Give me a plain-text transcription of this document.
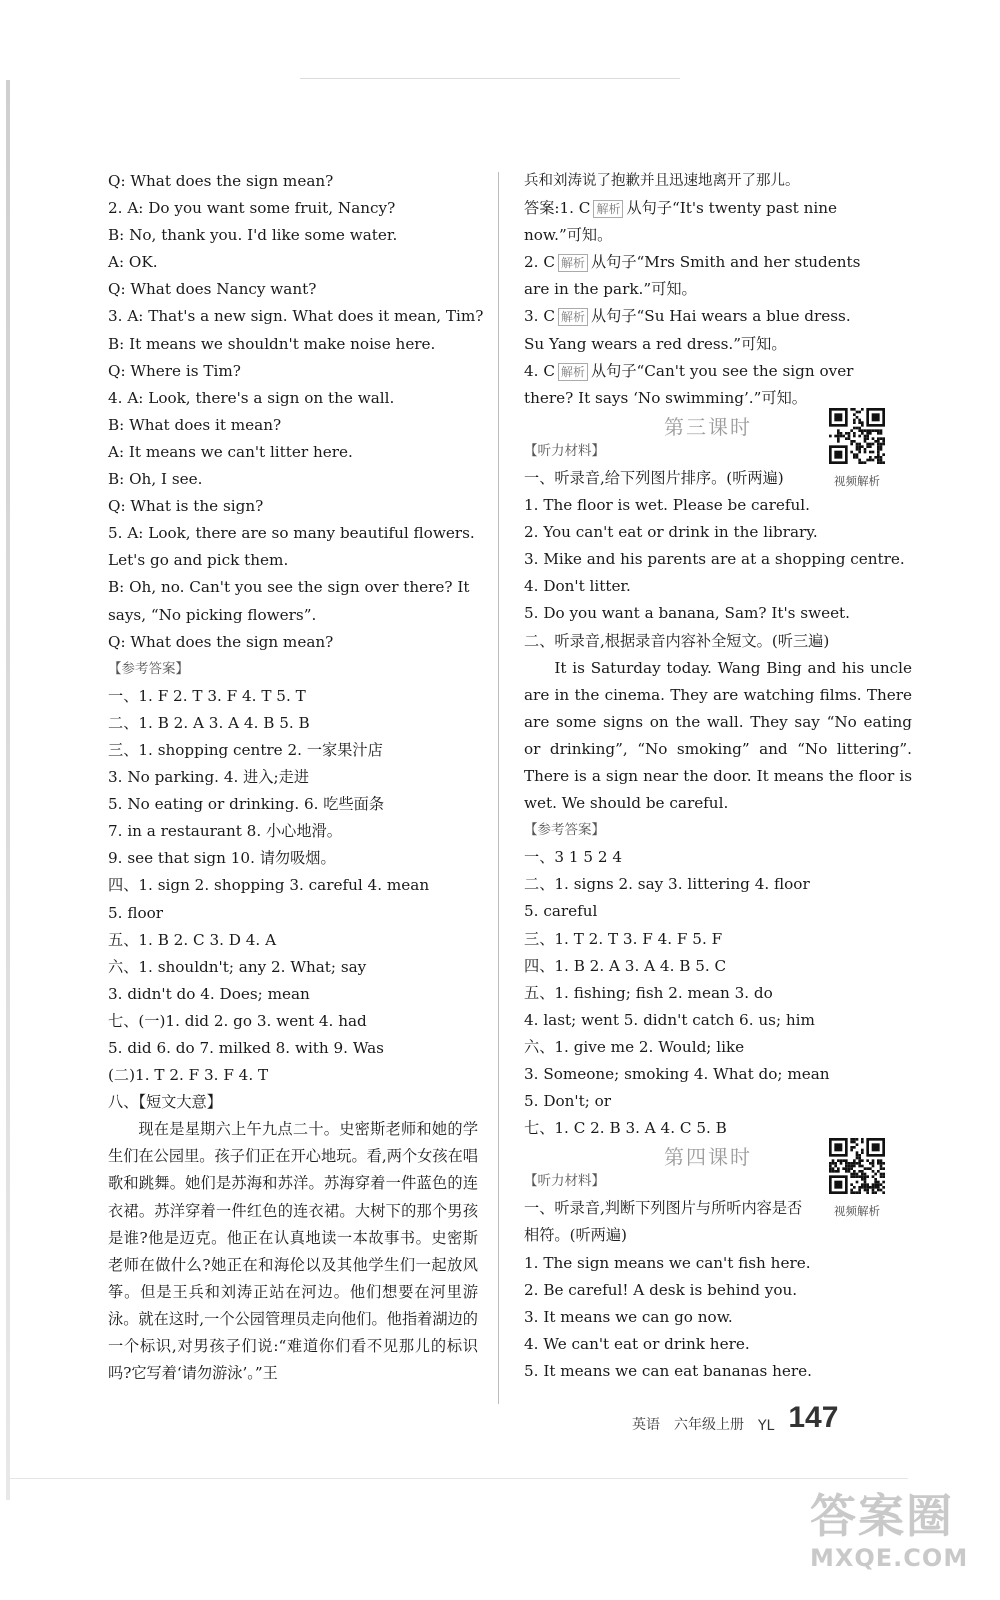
Q: What does the sign mean?
2. A: Do you want some fruit, Nancy?
B: No, thank you. I'd like some water.
A: OK.
Q: What does Nancy want?
3. A: That's a new sign. What does it mean, Tim?
B: It means we shouldn't make noise here.
Q: Where is Tim?
4. A: Look, there's a sign on the wall.
B: What does it mean?
A: It means we can't litter here.
B: Oh, I see.
Q: What is the sign?
5. A: Look, there are so many beautiful flowers.
Let's go and pick them.
B: Oh, no. Can't you see the sign over there? It
says, “No picking flowers”.
Q: What does the sign mean?
【参考答案】
一、1. F 2. T 3. F 4. T 5. T
二、1. B 2. A 3. A 4. B 5. B
三、1. shopping centre 2. 一家果汁店
3. No parking. 4. 进入;走进
5. No eating or drinking. 6. 吃些面条
7. in a restaurant 8. 小心地滑。
9. see that sign 10. 请勿吸烟。
四、1. sign 2. shopping 3. careful 4. mean
5. floor
五、1. B 2. C 3. D 4. A
六、1. shouldn't; any 2. What; say
3. didn't do 4. Does; mean
七、(一)1. did 2. go 3. went 4. had
5. did 6. do 7. milked 8. with 9. Was
(二)1. T 2. F 3. F 4. T
八、【短文大意】
现在是星期六上午九点二十。史密斯老师和她的学生们在公园里。孩子们正在开心地玩。看,两个女孩在唱歌和跳舞。她们是苏海和苏洋。苏海穿着一件蓝色的连衣裙。苏洋穿着一件红色的连衣裙。大树下的那个男孩是谁?他是迈克。他正在认真地读一本故事书。史密斯老师在做什么?她正在和海伦以及其他学生们一起放风筝。但是王兵和刘涛正站在河边。他们想要在河里游泳。就在这时,一个公园管理员走向他们。他指着湖边的一个标识,对男孩子们说:“难道你们看不见那儿的标识吗?它写着‘请勿游泳’。”王
兵和刘涛说了抱歉并且迅速地离开了那儿。
答案:1. C 解析 从句子“It's twenty past nine
now.”可知。
2. C 解析 从句子“Mrs Smith and her students
are in the park.”可知。
3. C 解析 从句子“Su Hai wears a blue dress.
Su Yang wears a red dress.”可知。
4. C 解析 从句子“Can't you see the sign over
there? It says ‘No swimming’.”可知。
第三课时
视频解析
【听力材料】
一、听录音,给下列图片排序。(听两遍)
1. The floor is wet. Please be careful.
2. You can't eat or drink in the library.
3. Mike and his parents are at a shopping centre.
4. Don't litter.
5. Do you want a banana, Sam? It's sweet.
二、听录音,根据录音内容补全短文。(听三遍)
It is Saturday today. Wang Bing and his uncle are in the cinema. They are watching films. There are some signs on the wall. They say “No eating or drinking”, “No smoking” and “No littering”. There is a sign near the door. It means the floor is wet. We should be careful.
【参考答案】
一、3 1 5 2 4
二、1. signs 2. say 3. littering 4. floor
5. careful
三、1. T 2. T 3. F 4. F 5. F
四、1. B 2. A 3. A 4. B 5. C
五、1. fishing; fish 2. mean 3. do
4. last; went 5. didn't catch 6. us; him
六、1. give me 2. Would; like
3. Someone; smoking 4. What do; mean
5. Don't; or
七、1. C 2. B 3. A 4. C 5. B
第四课时
视频解析
【听力材料】
一、听录音,判断下列图片与所听内容是否
相符。(听两遍)
1. The sign means we can't fish here.
2. Be careful! A desk is behind you.
3. It means we can go now.
4. We can't eat or drink here.
5. It means we can eat bananas here.
英语 六年级上册 YL 147
答案圈
MXQE.COM
